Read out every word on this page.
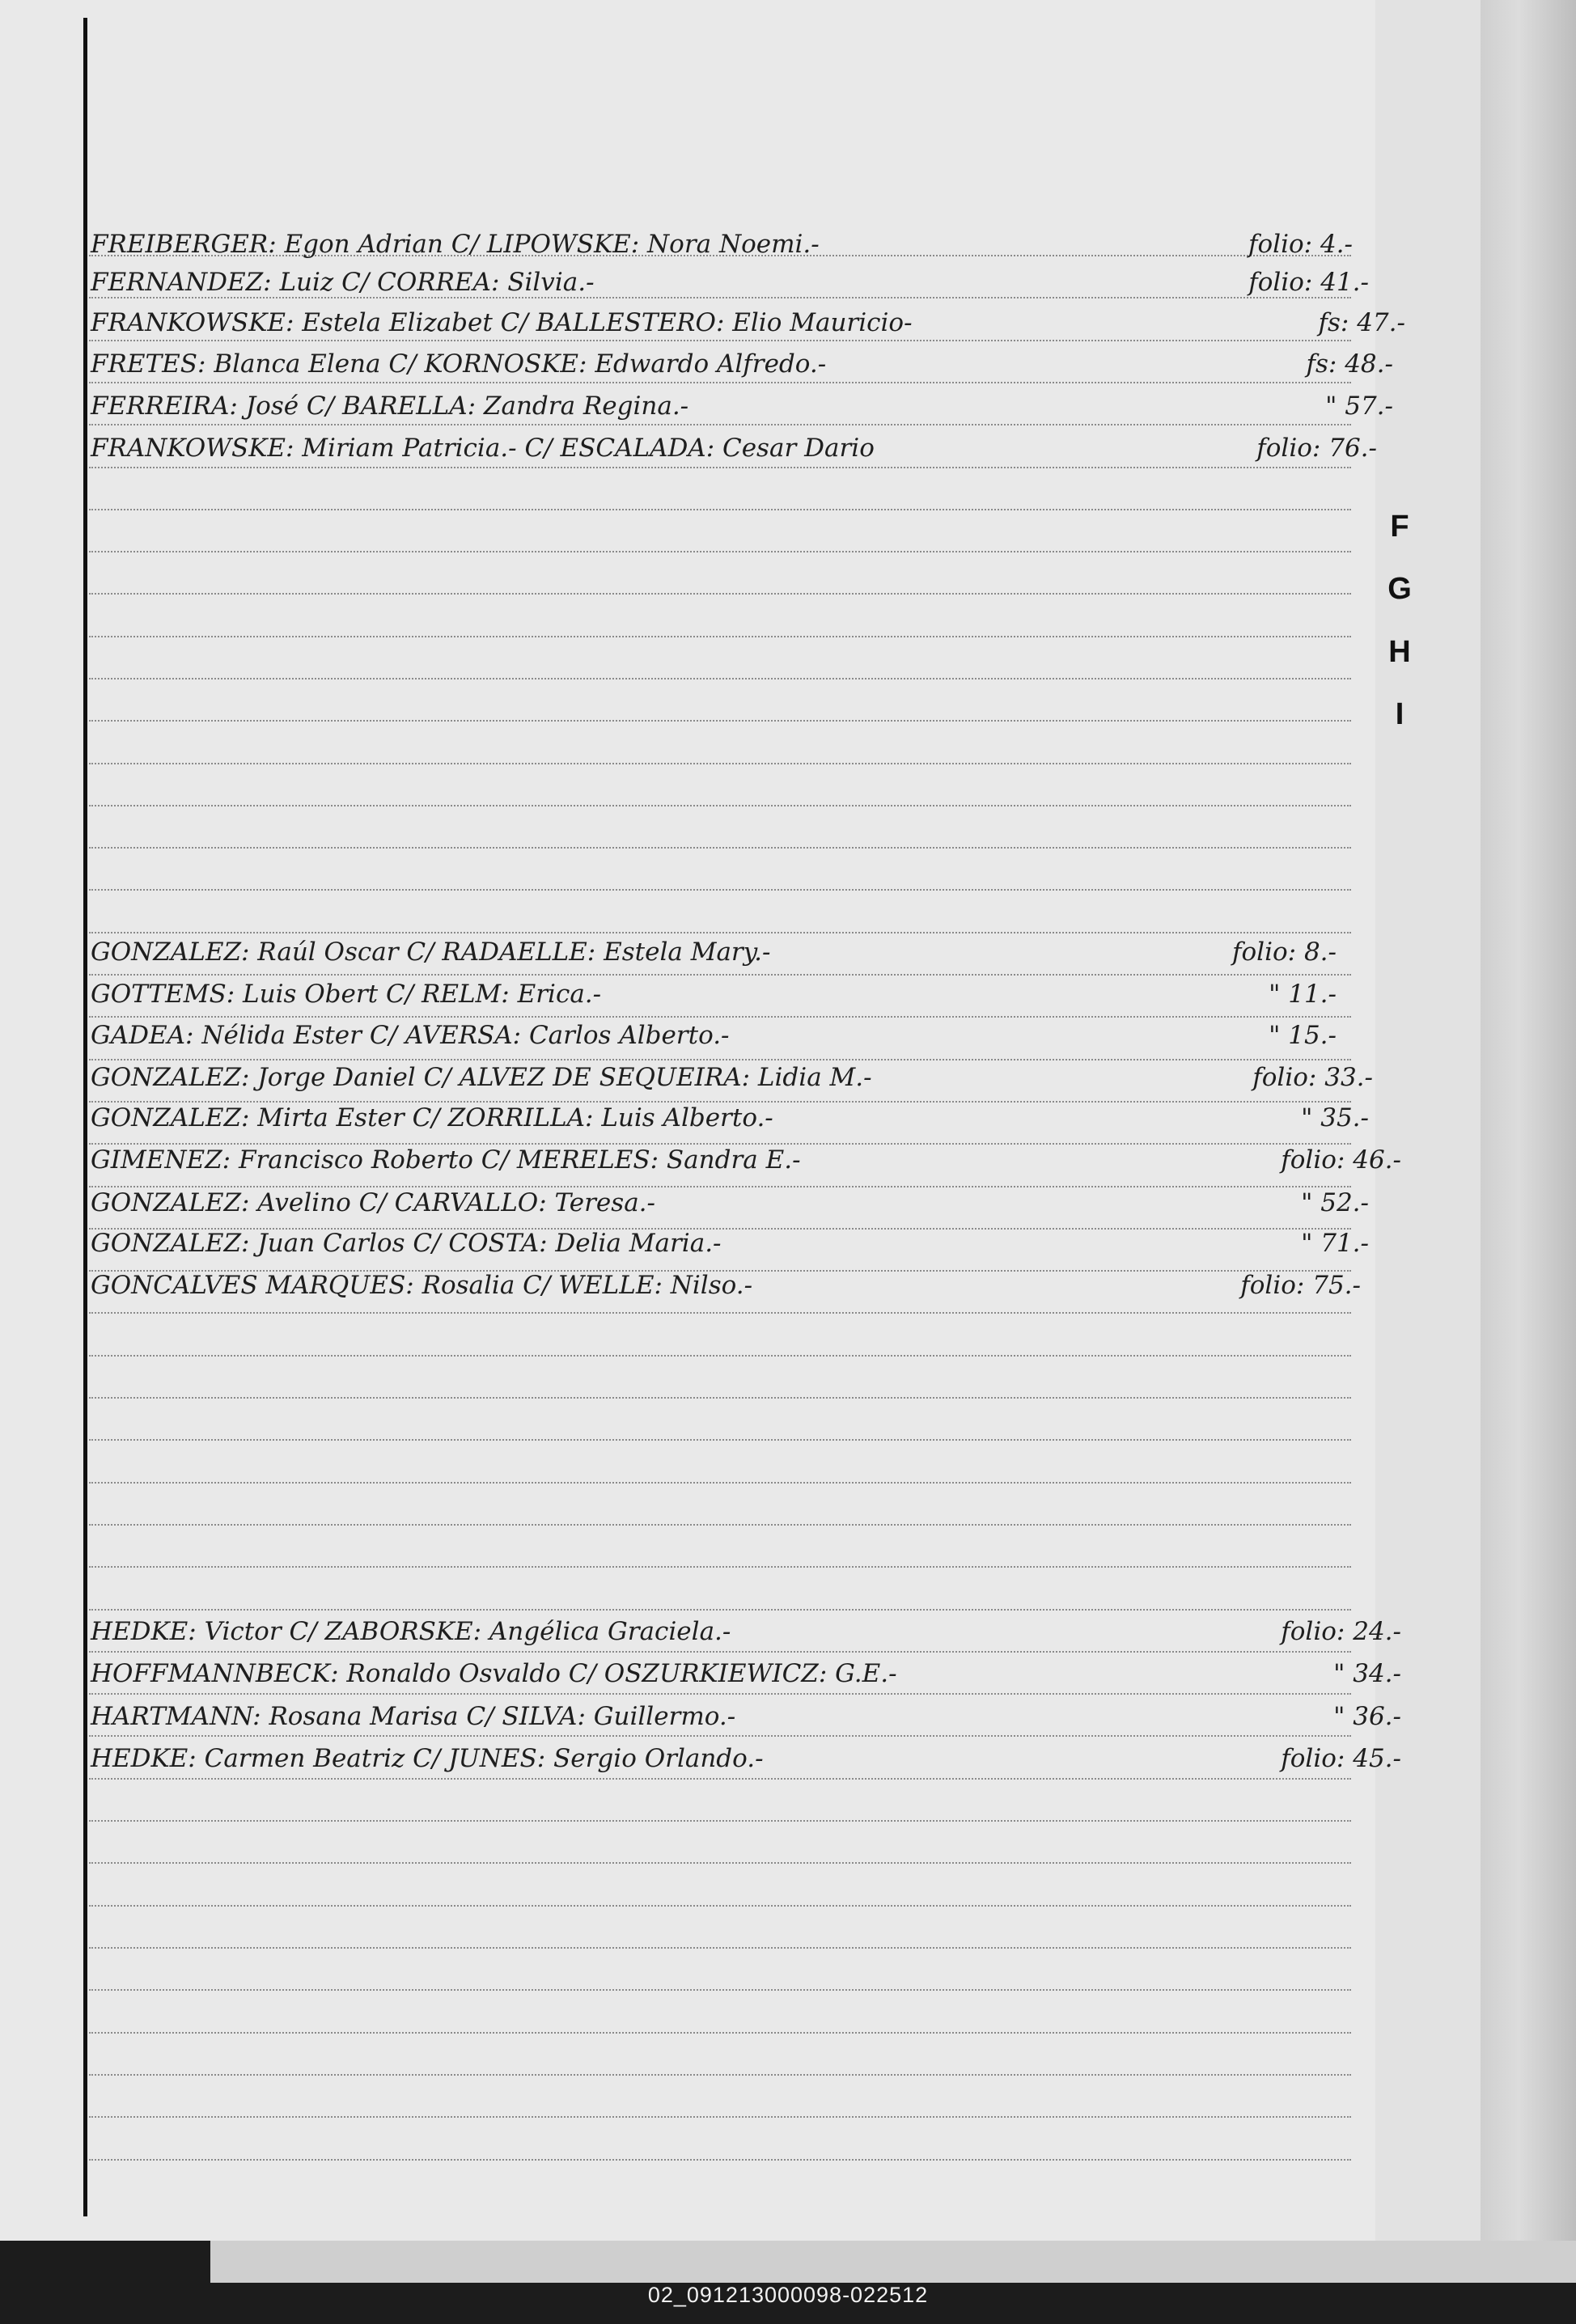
FREIBERGER: Egon Adrian C/ LIPOWSKE: Nora Noemi.-	folio: 4.-
FERNANDEZ: Luiz C/ CORREA: Silvia.-	folio: 41.-
FRANKOWSKE: Estela Elizabet C/ BALLESTERO: Elio Mauricio-	fs: 47.-
FRETES: Blanca Elena C/ KORNOSKE: Edwardo Alfredo.-	fs: 48.-
FERREIRA: José C/ BARELLA: Zandra Regina.-	" 57.-
FRANKOWSKE: Miriam Patricia.- C/ ESCALADA: Cesar Dario	folio: 76.-
GONZALEZ: Raúl Oscar C/ RADAELLE: Estela Mary.-	folio: 8.-
GOTTEMS: Luis Obert C/ RELM: Erica.-	" 11.-
GADEA: Nélida Ester C/ AVERSA: Carlos Alberto.-	" 15.-
GONZALEZ: Jorge Daniel C/ ALVEZ DE SEQUEIRA: Lidia M.-	folio: 33.-
GONZALEZ: Mirta Ester C/ ZORRILLA: Luis Alberto.-	" 35.-
GIMENEZ: Francisco Roberto C/ MERELES: Sandra E.-	folio: 46.-
GONZALEZ: Avelino C/ CARVALLO: Teresa.-	" 52.-
GONZALEZ: Juan Carlos C/ COSTA: Delia Maria.-	" 71.-
GONCALVES MARQUES: Rosalia C/ WELLE: Nilso.-	folio: 75.-
HEDKE: Victor C/ ZABORSKE: Angélica Graciela.-	folio: 24.-
HOFFMANNBECK: Ronaldo Osvaldo C/ OSZURKIEWICZ: G.E.-	" 34.-
HARTMANN: Rosana Marisa C/ SILVA: Guillermo.-	" 36.-
HEDKE: Carmen Beatriz C/ JUNES: Sergio Orlando.-	folio: 45.-
F
G
H
I
02_091213000098-022512
